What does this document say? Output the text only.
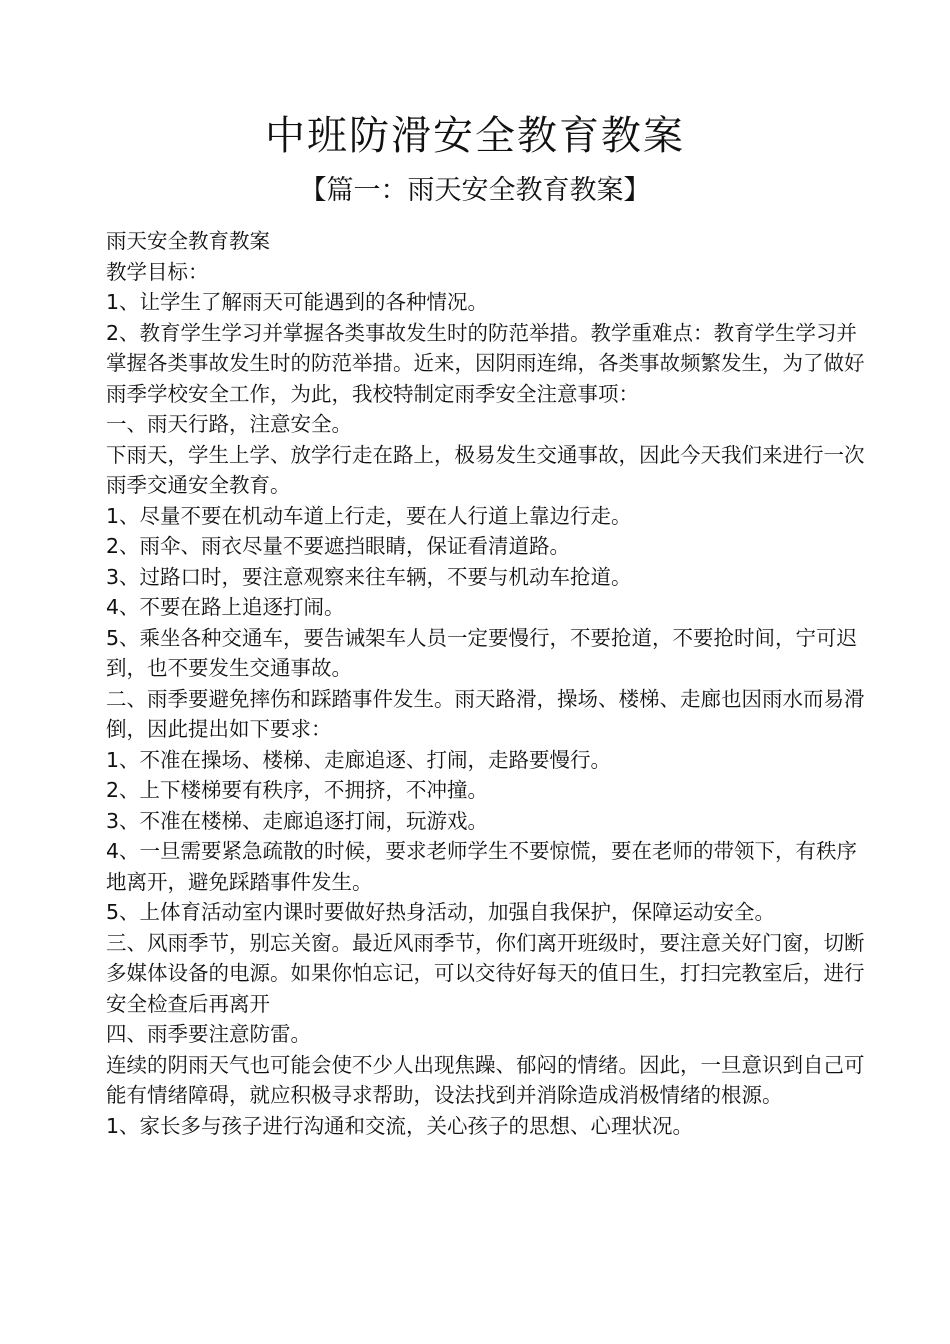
中班防滑安全教育教案
【篇一：雨天安全教育教案】

雨天安全教育教案

教学目标：

1、让学生了解雨天可能遇到的各种情况。

2、教育学生学习并掌握各类事故发生时的防范举措。教学重难点：教育学生学习并掌握各类事故发生时的防范举措。近来，因阴雨连绵，各类事故频繁发生，为了做好雨季学校安全工作，为此，我校特制定雨季安全注意事项：

一、雨天行路，注意安全。

下雨天，学生上学、放学行走在路上，极易发生交通事故，因此今天我们来进行一次雨季交通安全教育。

1、尽量不要在机动车道上行走，要在人行道上靠边行走。

2、雨伞、雨衣尽量不要遮挡眼睛，保证看清道路。

3、过路口时，要注意观察来往车辆，不要与机动车抢道。

4、不要在路上追逐打闹。

5、乘坐各种交通车，要告诫架车人员一定要慢行，不要抢道，不要抢时间，宁可迟到，也不要发生交通事故。

二、雨季要避免摔伤和踩踏事件发生。雨天路滑，操场、楼梯、走廊也因雨水而易滑倒，因此提出如下要求：

1、不准在操场、楼梯、走廊追逐、打闹，走路要慢行。

2、上下楼梯要有秩序，不拥挤，不冲撞。

3、不准在楼梯、走廊追逐打闹，玩游戏。

4、一旦需要紧急疏散的时候，要求老师学生不要惊慌，要在老师的带领下，有秩序地离开，避免踩踏事件发生。

5、上体育活动室内课时要做好热身活动，加强自我保护，保障运动安全。

三、风雨季节，别忘关窗。最近风雨季节，你们离开班级时，要注意关好门窗，切断多媒体设备的电源。如果你怕忘记，可以交待好每天的值日生，打扫完教室后，进行安全检查后再离开

四、雨季要注意防雷。

连续的阴雨天气也可能会使不少人出现焦躁、郁闷的情绪。因此，一旦意识到自己可能有情绪障碍，就应积极寻求帮助，设法找到并消除造成消极情绪的根源。

1、家长多与孩子进行沟通和交流，关心孩子的思想、心理状况。
